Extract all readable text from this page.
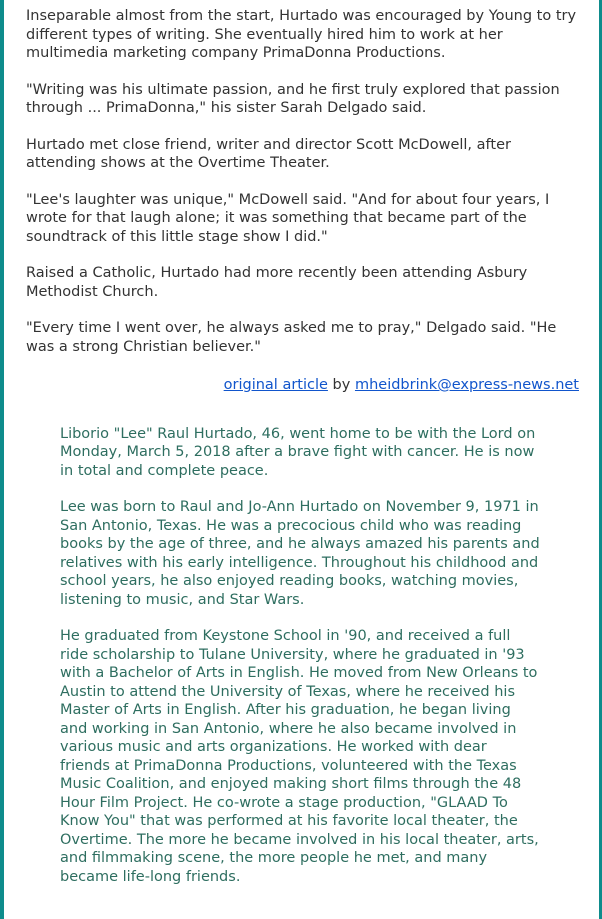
Inseparable almost from the start, Hurtado was encouraged by Young to try different types of writing. She eventually hired him to work at her multimedia marketing company PrimaDonna Productions.

"Writing was his ultimate passion, and he first truly explored that passion through ... PrimaDonna," his sister Sarah Delgado said.

Hurtado met close friend, writer and director Scott McDowell, after attending shows at the Overtime Theater.

"Lee's laughter was unique," McDowell said. "And for about four years, I wrote for that laugh alone; it was something that became part of the soundtrack of this little stage show I did."

Raised a Catholic, Hurtado had more recently been attending Asbury Methodist Church.

"Every time I went over, he always asked me to pray," Delgado said. "He was a strong Christian believer."

original article by mheidbrink@express-news.net

Liborio "Lee" Raul Hurtado, 46, went home to be with the Lord on Monday, March 5, 2018 after a brave fight with cancer. He is now in total and complete peace.

Lee was born to Raul and Jo-Ann Hurtado on November 9, 1971 in San Antonio, Texas. He was a precocious child who was reading books by the age of three, and he always amazed his parents and relatives with his early intelligence. Throughout his childhood and school years, he also enjoyed reading books, watching movies, listening to music, and Star Wars.

He graduated from Keystone School in '90, and received a full ride scholarship to Tulane University, where he graduated in '93 with a Bachelor of Arts in English. He moved from New Orleans to Austin to attend the University of Texas, where he received his Master of Arts in English. After his graduation, he began living and working in San Antonio, where he also became involved in various music and arts organizations. He worked with dear friends at PrimaDonna Productions, volunteered with the Texas Music Coalition, and enjoyed making short films through the 48 Hour Film Project. He co-wrote a stage production, "GLAAD To Know You" that was performed at his favorite local theater, the Overtime. The more he became involved in his local theater, arts, and filmmaking scene, the more people he met, and many became life-long friends.
